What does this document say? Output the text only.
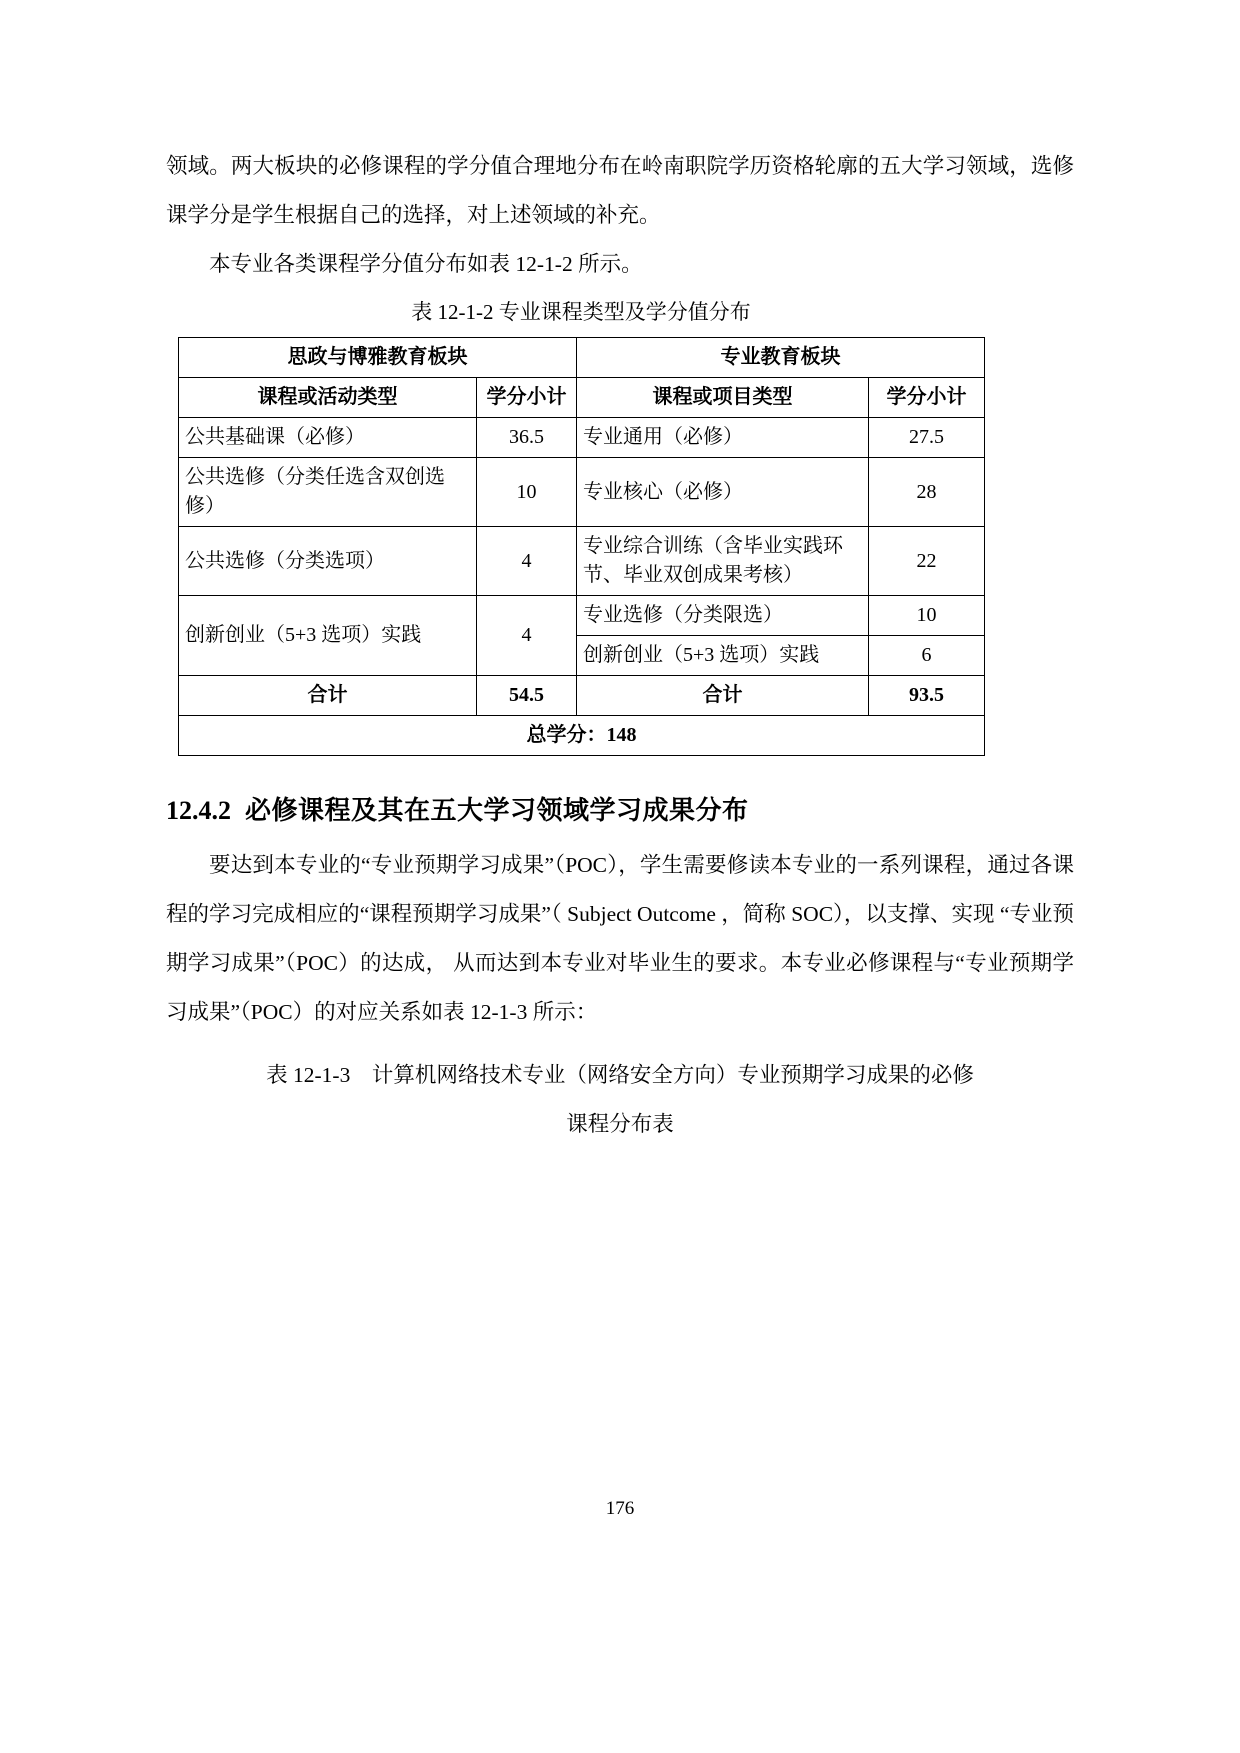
领域。两大板块的必修课程的学分值合理地分布在岭南职院学历资格轮廓的五大学习领域，选修课学分是学生根据自己的选择，对上述领域的补充。

本专业各类课程学分值分布如表 12-1-2 所示。

表 12-1-2 专业课程类型及学分值分布
思政与博雅教育板块		专业教育板块	
课程或活动类型	学分小计	课程或项目类型	学分小计
公共基础课（必修）	36.5	专业通用（必修）	27.5
公共选修（分类任选含双创选修）	10	专业核心（必修）	28
公共选修（分类选项）	4	专业综合训练（含毕业实践环节、毕业双创成果考核）	22
创新创业（5+3 选项）实践	4	专业选修（分类限选）	10
		创新创业（5+3 选项）实践	6
合计	54.5	合计	93.5
总学分：148			
12.4.2 必修课程及其在五大学习领域学习成果分布

要达到本专业的“专业预期学习成果”（POC），学生需要修读本专业的一系列课程，通过各课程的学习完成相应的“课程预期学习成果”（ Subject Outcome ，简称 SOC），以支撑、实现 “专业预期学习成果”（POC）的达成， 从而达到本专业对毕业生的要求。本专业必修课程与“专业预期学习成果”（POC）的对应关系如表 12-1-3 所示：

表 12-1-3　计算机网络技术专业（网络安全方向）专业预期学习成果的必修
课程分布表
176
